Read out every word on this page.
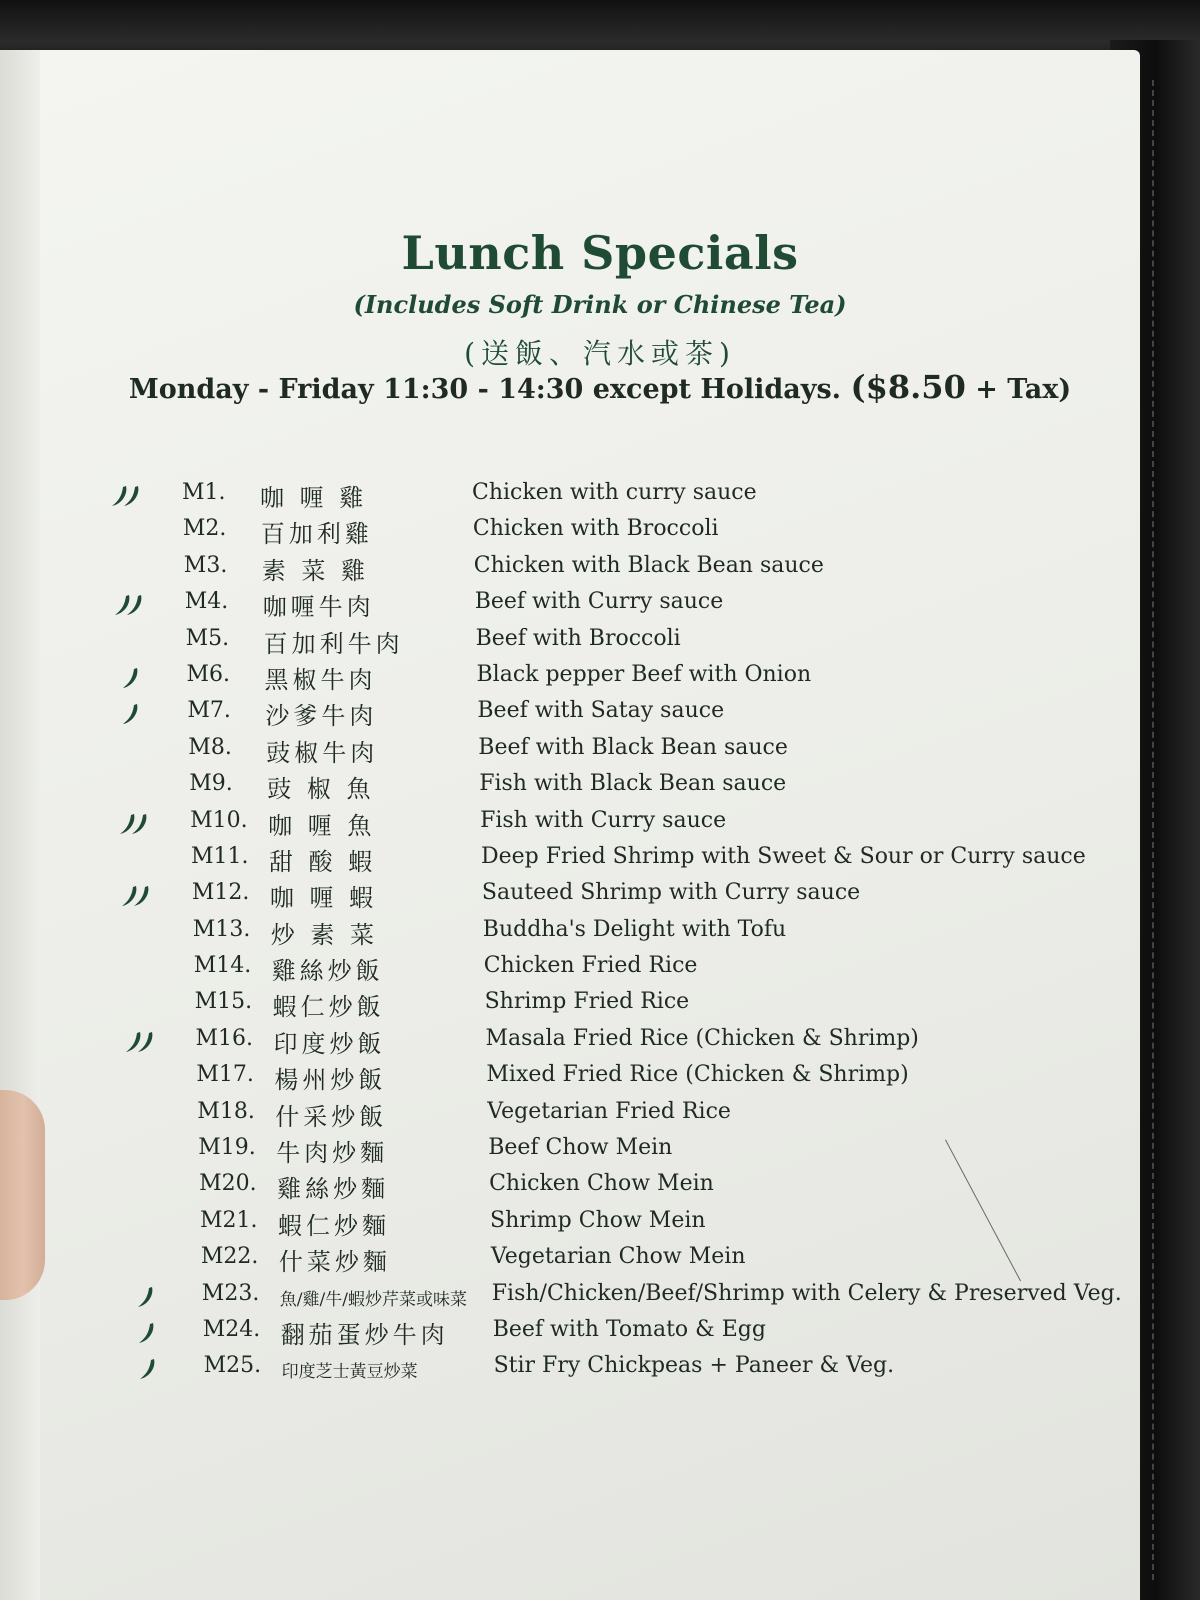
Lunch Specials
(Includes Soft Drink or Chinese Tea)
(送飯、汽水或茶)
Monday - Friday 11:30 - 14:30 except Holidays. ($8.50 + Tax)
M1. 咖 喱 雞	Chicken with curry sauce
M2. 百加利雞	Chicken with Broccoli
M3. 素 菜 雞	Chicken with Black Bean sauce
M4. 咖喱牛肉	Beef with Curry sauce
M5. 百加利牛肉	Beef with Broccoli
M6. 黑椒牛肉	Black pepper Beef with Onion
M7. 沙爹牛肉	Beef with Satay sauce
M8. 豉椒牛肉	Beef with Black Bean sauce
M9. 豉 椒 魚	Fish with Black Bean sauce
M10. 咖 喱 魚	Fish with Curry sauce
M11. 甜 酸 蝦	Deep Fried Shrimp with Sweet & Sour or Curry sauce
M12. 咖 喱 蝦	Sauteed Shrimp with Curry sauce
M13. 炒 素 菜	Buddha's Delight with Tofu
M14. 雞絲炒飯	Chicken Fried Rice
M15. 蝦仁炒飯	Shrimp Fried Rice
M16. 印度炒飯	Masala Fried Rice (Chicken & Shrimp)
M17. 楊州炒飯	Mixed Fried Rice (Chicken & Shrimp)
M18. 什采炒飯	Vegetarian Fried Rice
M19. 牛肉炒麵	Beef Chow Mein
M20. 雞絲炒麵	Chicken Chow Mein
M21. 蝦仁炒麵	Shrimp Chow Mein
M22. 什菜炒麵	Vegetarian Chow Mein
M23. 魚/雞/牛/蝦炒芹菜或味菜 Fish/Chicken/Beef/Shrimp with Celery & Preserved Veg.
M24. 翻茄蛋炒牛肉	Beef with Tomato & Egg
M25. 印度芝士黃豆炒菜	Stir Fry Chickpeas + Paneer & Veg.
